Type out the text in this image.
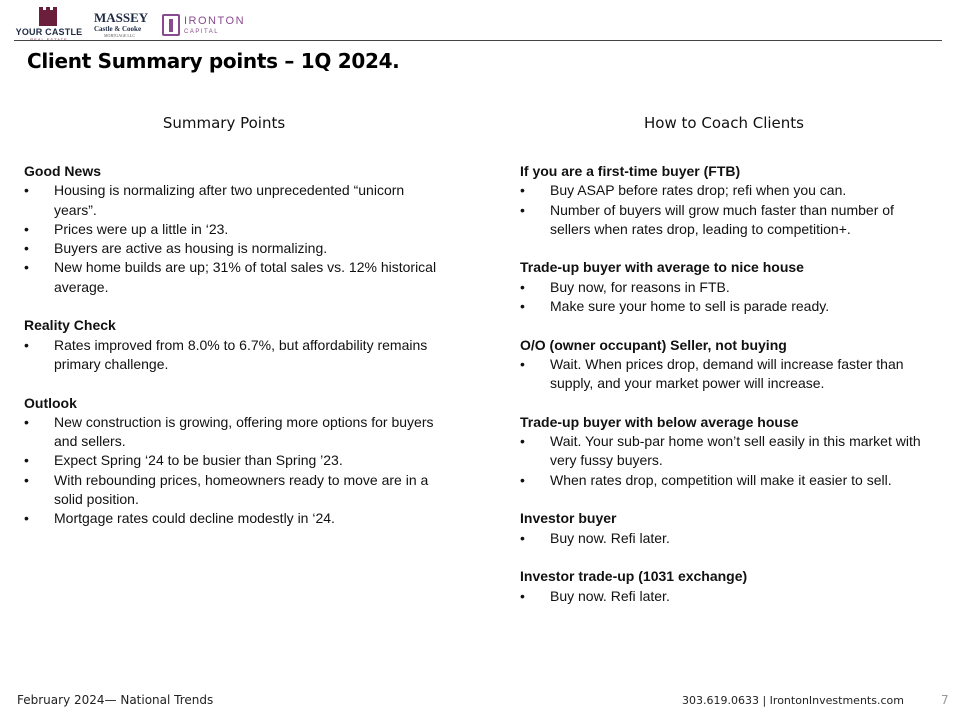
YOUR CASTLE
REAL ESTATE
MASSEY
Castle & Cooke
MORTGAGE LLC
IRONTON
CAPITAL
Client Summary points – 1Q 2024.
Summary Points	How to Coach Clients
Good News
• Housing is normalizing after two unprecedented “unicorn years”.
• Prices were up a little in ‘23.
• Buyers are active as housing is normalizing.
• New home builds are up; 31% of total sales vs. 12% historical average.
Reality Check
• Rates improved from 8.0% to 6.7%, but affordability remains primary challenge.
Outlook
• New construction is growing, offering more options for buyers and sellers.
• Expect Spring ‘24 to be busier than Spring ’23.
• With rebounding prices, homeowners ready to move are in a solid position.
• Mortgage rates could decline modestly in ‘24.
If you are a first-time buyer (FTB)
• Buy ASAP before rates drop; refi when you can.
• Number of buyers will grow much faster than number of sellers when rates drop, leading to competition+.
Trade-up buyer with average to nice house
• Buy now, for reasons in FTB.
• Make sure your home to sell is parade ready.
O/O (owner occupant) Seller, not buying
• Wait. When prices drop, demand will increase faster than supply, and your market power will increase.
Trade-up buyer with below average house
• Wait. Your sub-par home won’t sell easily in this market with very fussy buyers.
• When rates drop, competition will make it easier to sell.
Investor buyer
• Buy now. Refi later.
Investor trade-up (1031 exchange)
• Buy now. Refi later.
February 2024— National Trends	303.619.0633 | IrontonInvestments.com	7
